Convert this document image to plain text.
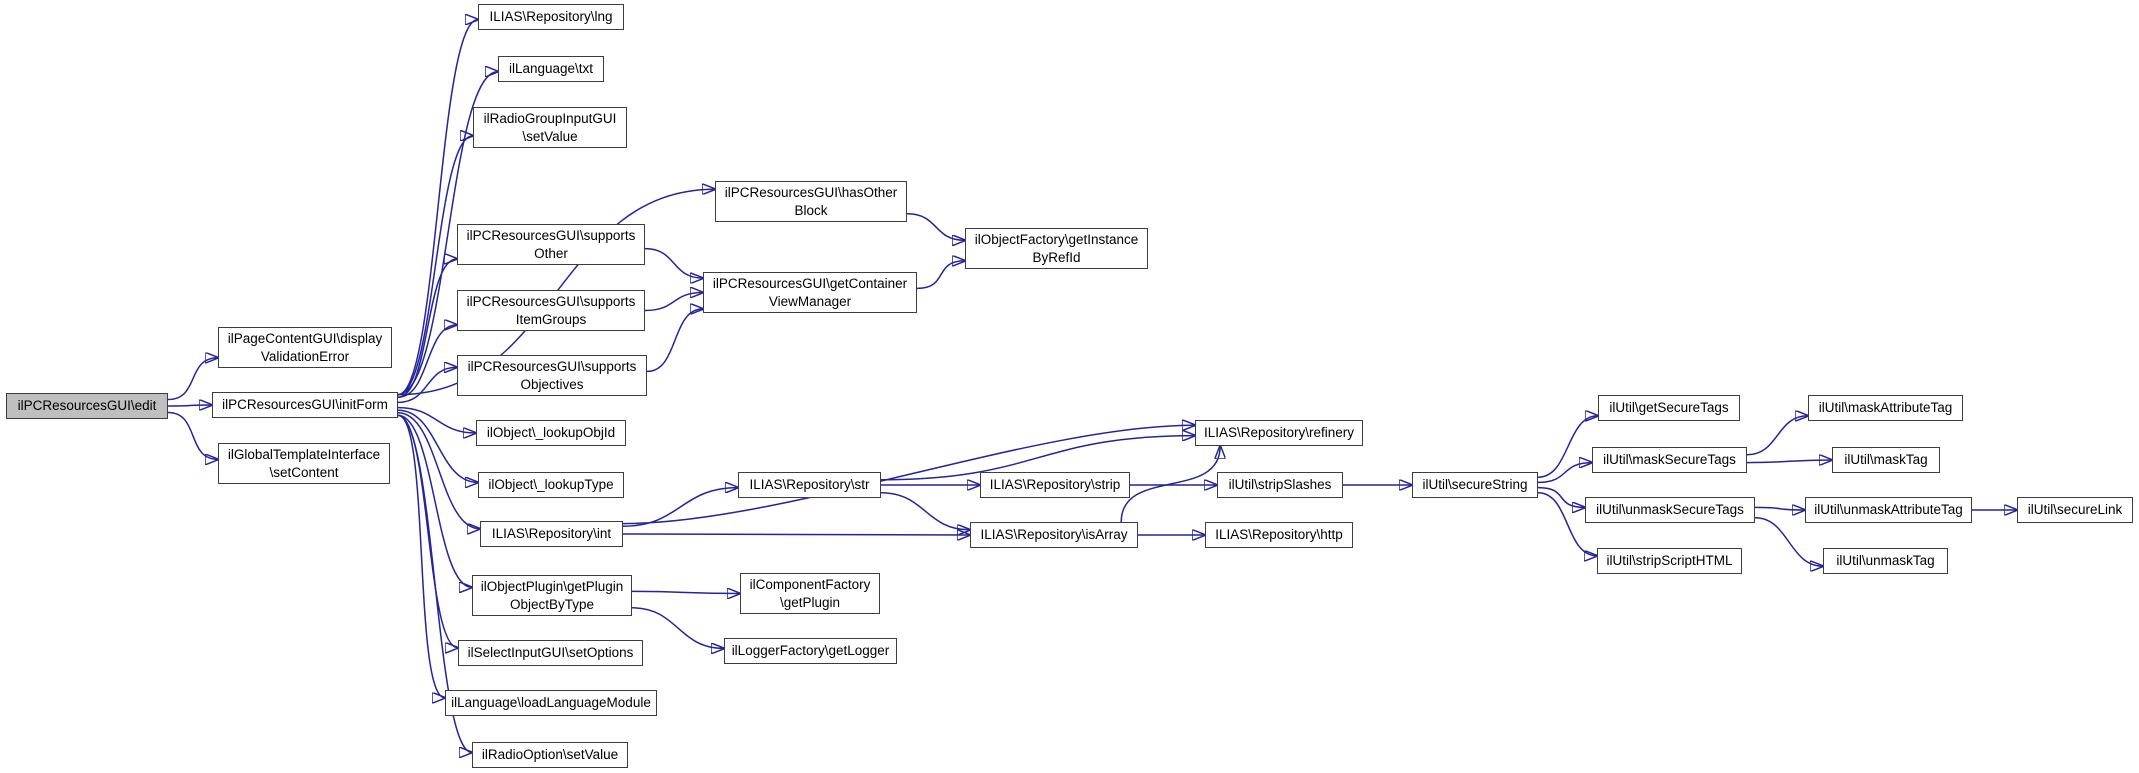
ilPCResourcesGUI\edit
ilPageContentGUI\display
ValidationError
ilPCResourcesGUI\initForm
ilGlobalTemplateInterface
\setContent
ILIAS\Repository\lng
ilLanguage\txt
ilRadioGroupInputGUI
\setValue
ilPCResourcesGUI\hasOther
Block
ilPCResourcesGUI\supports
Other
ilPCResourcesGUI\supports
ItemGroups
ilPCResourcesGUI\supports
Objectives
ilPCResourcesGUI\getContainer
ViewManager
ilObjectFactory\getInstance
ByRefId
ilObject\_lookupObjId
ilObject\_lookupType
ILIAS\Repository\int
ilObjectPlugin\getPlugin
ObjectByType
ilSelectInputGUI\setOptions
ilLanguage\loadLanguageModule
ilRadioOption\setValue
ILIAS\Repository\str
ilComponentFactory
\getPlugin
ilLoggerFactory\getLogger
ILIAS\Repository\strip
ILIAS\Repository\isArray
ILIAS\Repository\refinery
ilUtil\stripSlashes
ILIAS\Repository\http
ilUtil\secureString
ilUtil\getSecureTags
ilUtil\maskSecureTags
ilUtil\unmaskSecureTags
ilUtil\stripScriptHTML
ilUtil\maskAttributeTag
ilUtil\maskTag
ilUtil\unmaskAttributeTag
ilUtil\unmaskTag
ilUtil\secureLink
